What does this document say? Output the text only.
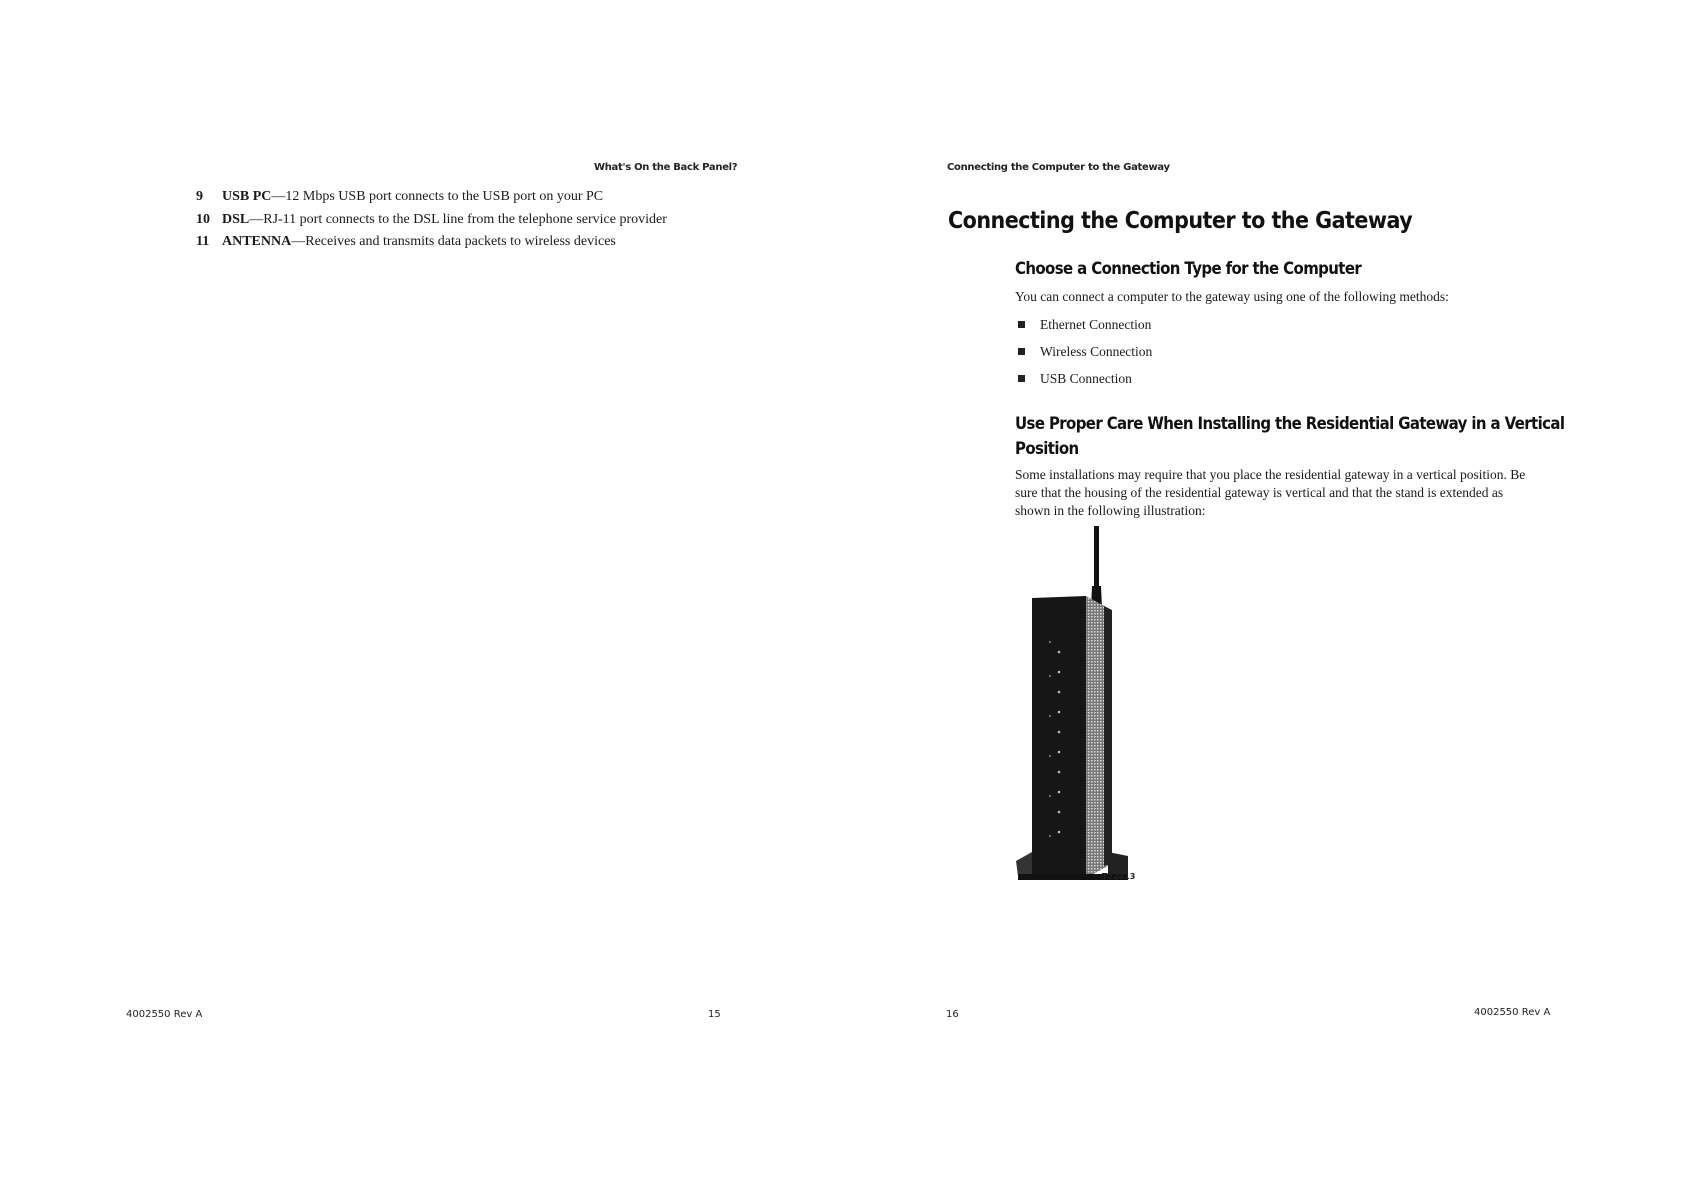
What's On the Back Panel?
9	USB PC —12 Mbps USB port connects to the USB port on your PC
10 DSL —RJ-11 port connects to the DSL line from the telephone service provider
11 ANTENNA —Receives and transmits data packets to wireless devices
4002550 Rev A	15
Connecting the Computer to the Gateway
Connecting the Computer to the Gateway
Choose a Connection Type for the Computer
You can connect a computer to the gateway using one of the following methods:
Ethernet Connection
Wireless Connection
USB Connection
Use Proper Care When Installing the Residential Gateway in a Vertical
Position
Some installations may require that you place the residential gateway in a vertical position. Be sure that the housing of the residential gateway is vertical and that the stand is extended as shown in the following illustration:
T12813
16	4002550 Rev A
